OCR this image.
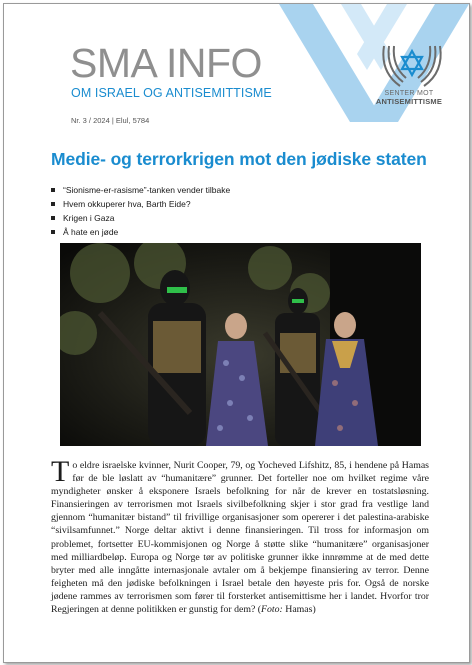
SENTER MOT
ANTISEMITTISME
SMA INFO
OM ISRAEL OG ANTISEMITTISME
Nr. 3 / 2024 | Elul, 5784
Medie- og terrorkrigen mot den jødiske staten
“Sionisme-er-rasisme”-tanken vender tilbake
Hvem okkuperer hva, Barth Eide?
Krigen i Gaza
Å hate en jøde
To eldre israelske kvinner, Nurit Cooper, 79, og Yocheved Lifshitz, 85, i hendene på Hamas før de ble løslatt av “humanitære” grunner. Det forteller noe om hvilket regime våre myndigheter ønsker å eksponere Israels befolkning for når de krever en tostatsløsning. Finansieringen av terrorismen mot Israels sivilbefolkning skjer i stor grad fra vestlige land gjennom “humanitær bistand” til frivillige organisasjoner som opererer i det palestina-arabiske “sivilsamfunnet.” Norge deltar aktivt i denne finansieringen. Til tross for informasjon om problemet, fortsetter EU-kommisjonen og Norge å støtte slike “humanitære” organisasjoner med milliardbeløp. Europa og Norge tør av politiske grunner ikke innrømme at de med dette bryter med alle inngåtte internasjonale avtaler om å bekjempe finansiering av terror. Denne feigheten må den jødiske befolkningen i Israel betale den høyeste pris for. Også de norske jødene rammes av terrorismen som fører til forsterket antisemittisme her i landet. Hvorfor tror Regjeringen at denne politikken er gunstig for dem? (Foto: Hamas)
